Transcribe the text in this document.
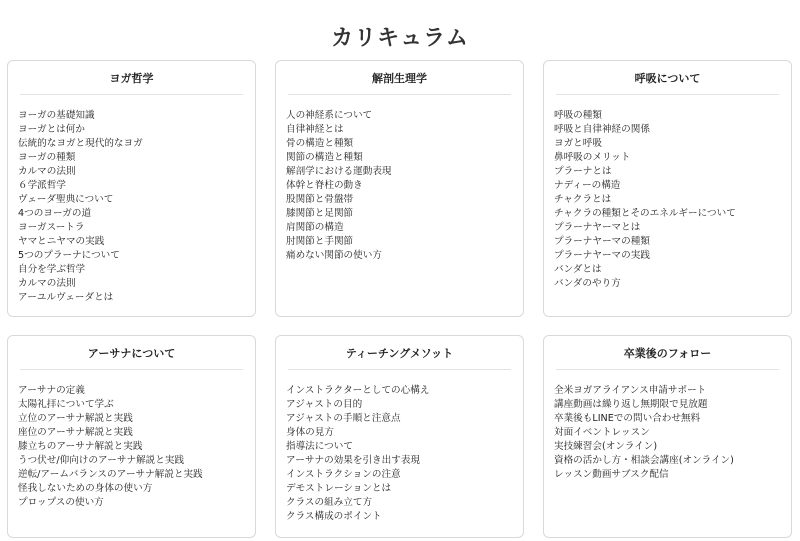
カリキュラム
ヨガ哲学
ヨーガの基礎知識
ヨーガとは何か
伝統的なヨガと現代的なヨガ
ヨーガの種類
カルマの法則
６学派哲学
ヴェーダ聖典について
4つのヨーガの道
ヨーガスートラ
ヤマとニヤマの実践
5つのプラーナについて
自分を学ぶ哲学
カルマの法則
アーユルヴェーダとは
解剖生理学
人の神経系について
自律神経とは
骨の構造と種類
関節の構造と種類
解剖学における運動表現
体幹と脊柱の動き
股関節と骨盤帯
膝関節と足関節
肩関節の構造
肘関節と手関節
痛めない関節の使い方
呼吸について
呼吸の種類
呼吸と自律神経の関係
ヨガと呼吸
鼻呼吸のメリット
プラーナとは
ナディーの構造
チャクラとは
チャクラの種類とそのエネルギーについて
プラーナヤーマとは
プラーナヤーマの種類
プラーナヤーマの実践
バンダとは
バンダのやり方
アーサナについて
アーサナの定義
太陽礼拝について学ぶ
立位のアーサナ解説と実践
座位のアーサナ解説と実践
膝立ちのアーサナ解説と実践
うつ伏せ/仰向けのアーサナ解説と実践
逆転/アームバランスのアーサナ解説と実践
怪我しないための身体の使い方
プロップスの使い方
ティーチングメソット
インストラクターとしての心構え
アジャストの目的
アジャストの手順と注意点
身体の見方
指導法について
アーサナの効果を引き出す表現
インストラクションの注意
デモストレーションとは
クラスの組み立て方
クラス構成のポイント
卒業後のフォロー
全米ヨガアライアンス申請サポート
講座動画は繰り返し無期限で見放題
卒業後もLINEでの問い合わせ無料
対面イベントレッスン
実技練習会(オンライン)
資格の活かし方・相談会講座(オンライン)
レッスン動画サブスク配信
